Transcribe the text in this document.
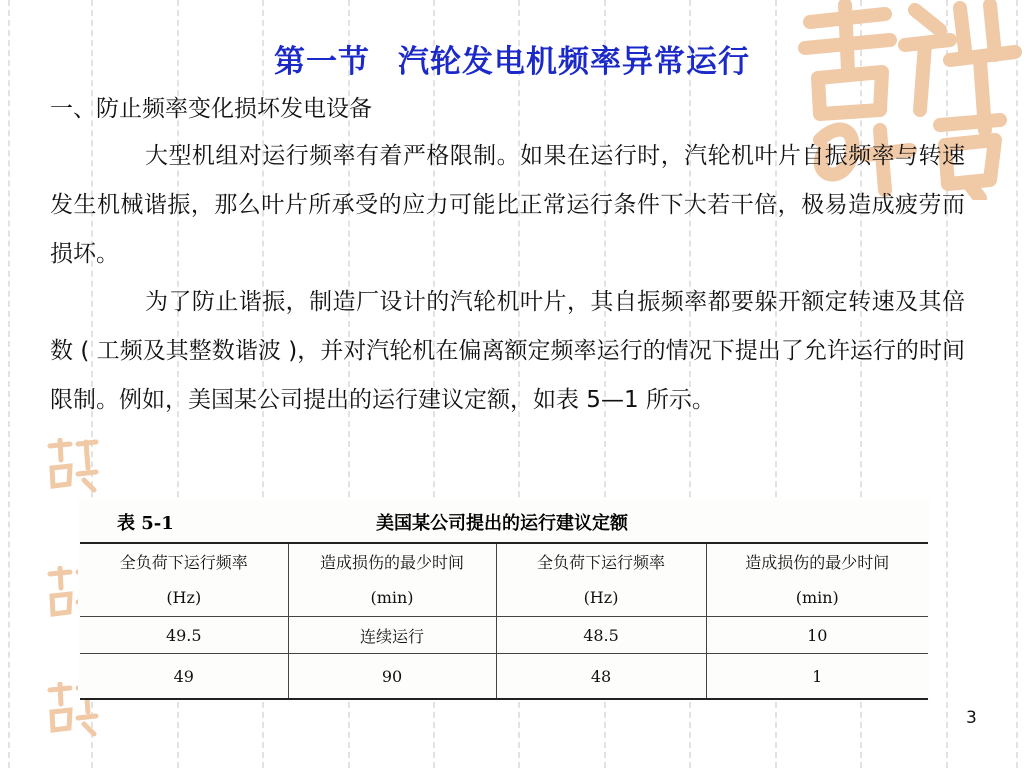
第一节 汽轮发电机频率异常运行
一、防止频率变化损坏发电设备
大型机组对运行频率有着严格限制。如果在运行时，汽轮机叶片自振频率与转速发生机械谐振，那么叶片所承受的应力可能比正常运行条件下大若干倍，极易造成疲劳而损坏。
为了防止谐振，制造厂设计的汽轮机叶片，其自振频率都要躲开额定转速及其倍数 ( 工频及其整数谐波 )，并对汽轮机在偏离额定频率运行的情况下提出了允许运行的时间限制。例如，美国某公司提出的运行建议定额，如表 5—1 所示。
表 5-1	美国某公司提出的运行建议定额
全负荷下运行频率	造成损伤的最少时间	全负荷下运行频率	造成损伤的最少时间
(Hz)	(min)	(Hz)	(min)
49.5	连续运行	48.5	10
49	90	48	1
3
